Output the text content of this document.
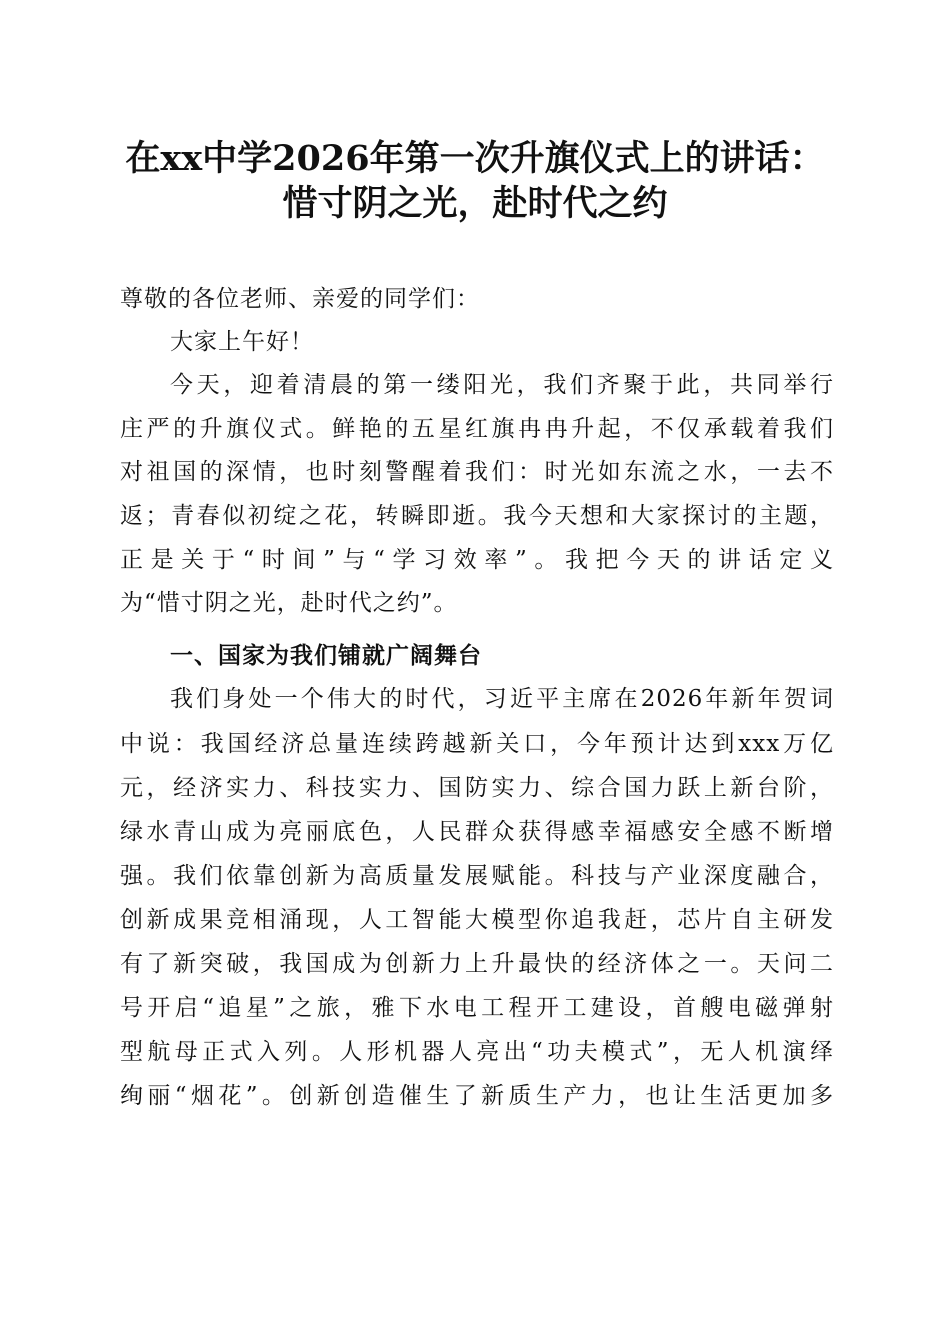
在xx中学2026年第一次升旗仪式上的讲话：
惜寸阴之光，赴时代之约
尊敬的各位老师、亲爱的同学们：
大家上午好！
今天，迎着清晨的第一缕阳光，我们齐聚于此，共同举行
庄严的升旗仪式。鲜艳的五星红旗冉冉升起，不仅承载着我们
对祖国的深情，也时刻警醒着我们：时光如东流之水，一去不
返；青春似初绽之花，转瞬即逝。我今天想和大家探讨的主题，
正是关于“时间”与“学习效率”。我把今天的讲话定义
为“惜寸阴之光，赴时代之约”。
一、国家为我们铺就广阔舞台
我们身处一个伟大的时代，习近平主席在2026年新年贺词
中说：我国经济总量连续跨越新关口，今年预计达到xxx万亿
元，经济实力、科技实力、国防实力、综合国力跃上新台阶，
绿水青山成为亮丽底色，人民群众获得感幸福感安全感不断增
强。我们依靠创新为高质量发展赋能。科技与产业深度融合，
创新成果竞相涌现，人工智能大模型你追我赶，芯片自主研发
有了新突破，我国成为创新力上升最快的经济体之一。天问二
号开启“追星”之旅，雅下水电工程开工建设，首艘电磁弹射
型航母正式入列。人形机器人亮出“功夫模式”，无人机演绎
绚丽“烟花”。创新创造催生了新质生产力，也让生活更加多
